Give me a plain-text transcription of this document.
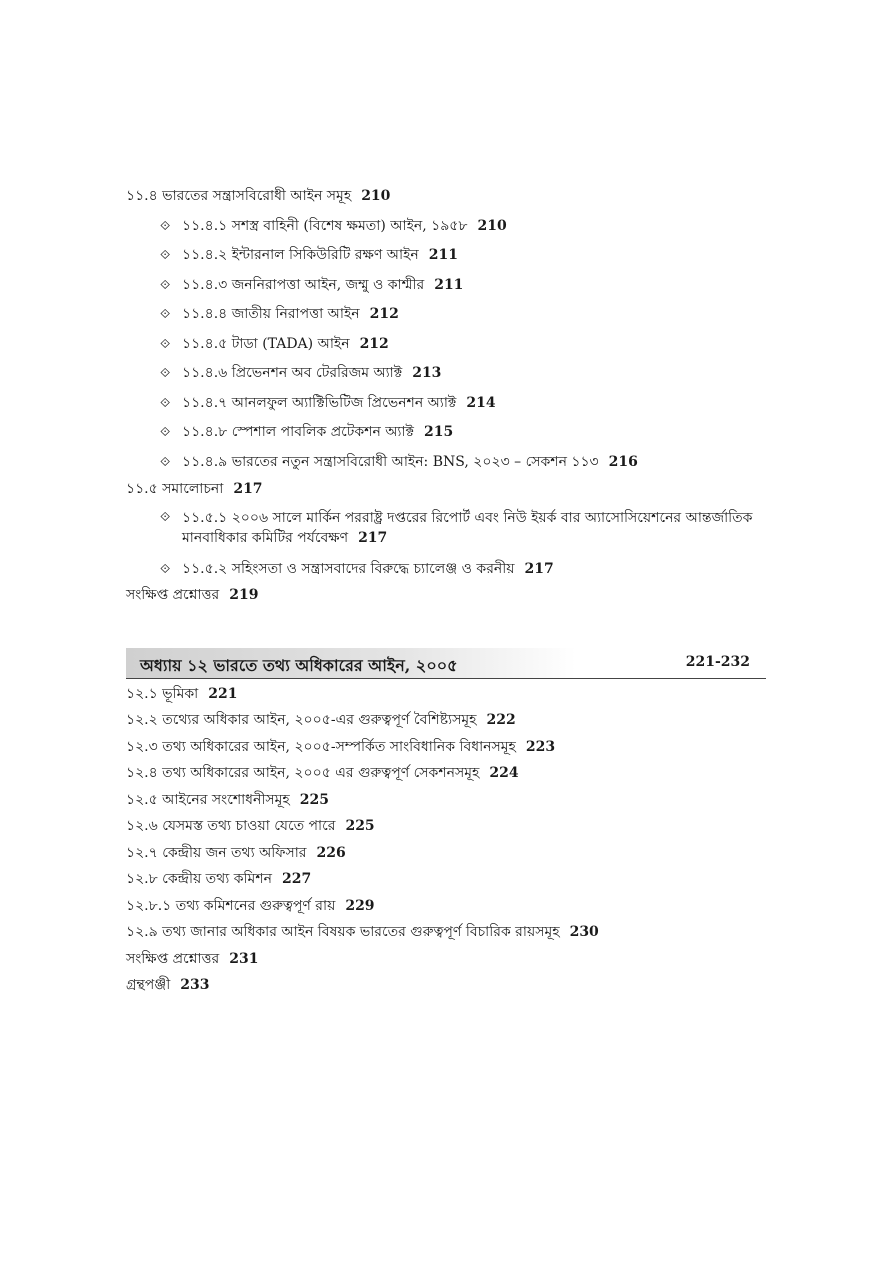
১১.৪ ভারতের সন্ত্রাসবিরোধী আইন সমূহ 210
⟐ ১১.৪.১ সশস্ত্র বাহিনী (বিশেষ ক্ষমতা) আইন, ১৯৫৮ 210
⟐ ১১.৪.২ ইন্টারনাল সিকিউরিটি রক্ষণ আইন 211
⟐ ১১.৪.৩ জননিরাপত্তা আইন, জম্মু ও কাশ্মীর 211
⟐ ১১.৪.৪ জাতীয় নিরাপত্তা আইন 212
⟐ ১১.৪.৫ টাডা (TADA) আইন 212
⟐ ১১.৪.৬ প্রিভেনশন অব টেররিজম অ্যাক্ট 213
⟐ ১১.৪.৭ আনলফুল অ্যাক্টিভিটিজ প্রিভেনশন অ্যাক্ট 214
⟐ ১১.৪.৮ স্পেশাল পাবলিক প্রটেকশন অ্যাক্ট 215
⟐ ১১.৪.৯ ভারতের নতুন সন্ত্রাসবিরোধী আইন: BNS, ২০২৩ – সেকশন ১১৩ 216
১১.৫ সমালোচনা 217
⟐ ১১.৫.১ ২০০৬ সালে মার্কিন পররাষ্ট্র দপ্তরের রিপোর্ট এবং নিউ ইয়র্ক বার অ্যাসোসিয়েশনের আন্তর্জাতিক মানবাধিকার কমিটির পর্যবেক্ষণ 217
⟐ ১১.৫.২ সহিংসতা ও সন্ত্রাসবাদের বিরুদ্ধে চ্যালেঞ্জ ও করনীয় 217
সংক্ষিপ্ত প্রশ্নোত্তর 219
অধ্যায় ১২ ভারতে তথ্য অধিকারের আইন, ২০০৫	221-232
১২.১ ভূমিকা 221
১২.২ তথ্যের অধিকার আইন, ২০০৫-এর গুরুত্বপূর্ণ বৈশিষ্ট্যসমূহ 222
১২.৩ তথ্য অধিকারের আইন, ২০০৫-সম্পর্কিত সাংবিধানিক বিধানসমূহ 223
১২.৪ তথ্য অধিকারের আইন, ২০০৫ এর গুরুত্বপূর্ণ সেকশনসমূহ 224
১২.৫ আইনের সংশোধনীসমূহ 225
১২.৬ যেসমস্ত তথ্য চাওয়া যেতে পারে 225
১২.৭ কেন্দ্রীয় জন তথ্য অফিসার 226
১২.৮ কেন্দ্রীয় তথ্য কমিশন 227
১২.৮.১ তথ্য কমিশনের গুরুত্বপূর্ণ রায় 229
১২.৯ তথ্য জানার অধিকার আইন বিষয়ক ভারতের গুরুত্বপূর্ণ বিচারিক রায়সমূহ 230
সংক্ষিপ্ত প্রশ্নোত্তর 231
গ্রন্থপঞ্জী 233
